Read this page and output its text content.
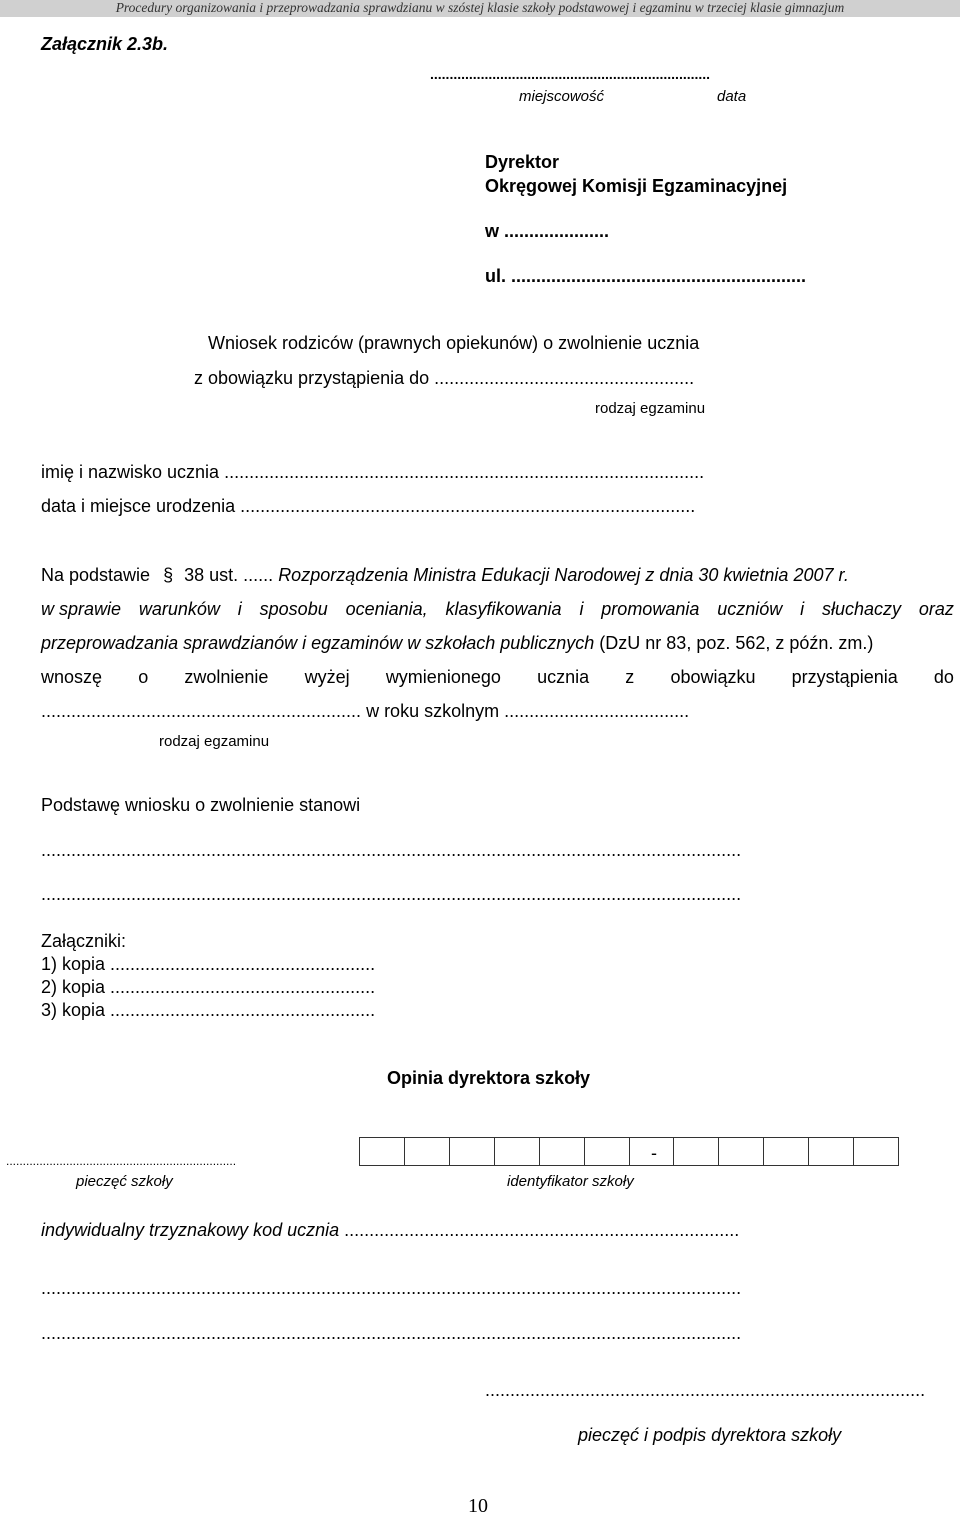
Procedury organizowania i przeprowadzania sprawdzianu w szóstej klasie szkoły podstawowej i egzaminu w trzeciej klasie gimnazjum
Załącznik 2.3b.
........................................................................
miejscowość	data
Dyrektor
Okręgowej Komisji Egzaminacyjnej
w .....................
ul. ...........................................................
Wniosek rodziców (prawnych opiekunów) o zwolnienie ucznia
z obowiązku przystąpienia do ....................................................
rodzaj egzaminu
imię i nazwisko ucznia ................................................................................................
data i miejsce urodzenia ...........................................................................................
Na podstawie § 38 ust. ...... Rozporządzenia Ministra Edukacji Narodowej z dnia 30 kwietnia 2007 r.
w sprawie warunków i sposobu oceniania, klasyfikowania i promowania uczniów i słuchaczy oraz
przeprowadzania sprawdzianów i egzaminów w szkołach publicznych (DzU nr 83, poz. 562, z późn. zm.)
wnoszę o zwolnienie wyżej wymienionego ucznia z obowiązku przystąpienia do
................................................................ w roku szkolnym .....................................
rodzaj egzaminu
Podstawę wniosku o zwolnienie stanowi
............................................................................................................................................
............................................................................................................................................
Załączniki:
1) kopia .....................................................
2) kopia .....................................................
3) kopia .....................................................
Opinia dyrektora szkoły
.....................................................................
pieczęć szkoły
-
identyfikator szkoły
indywidualny trzyznakowy kod ucznia ...............................................................................
............................................................................................................................................
............................................................................................................................................
........................................................................................
pieczęć i podpis dyrektora szkoły
10
